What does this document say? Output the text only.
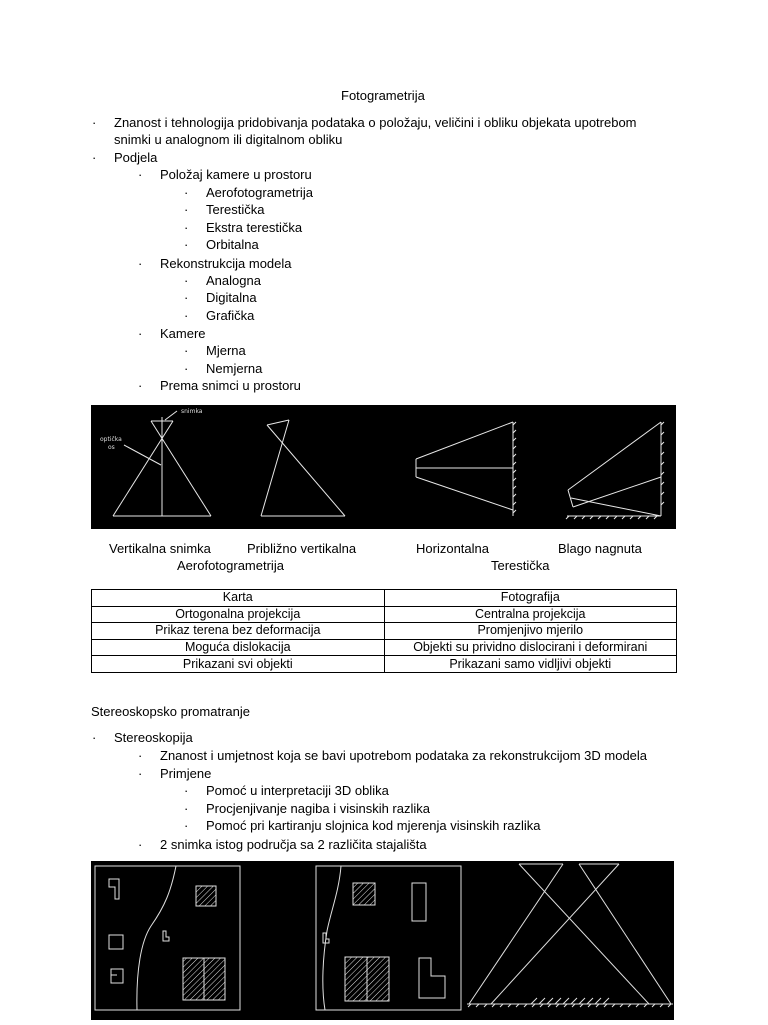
Fotogrametrija
· Znanost i tehnologija pridobivanja podataka o položaju, veličini i obliku objekata upotrebom
snimki u analognom ili digitalnom obliku
· Podjela
· Položaj kamere u prostoru
· Aerofotogrametrija
· Terestička
· Ekstra terestička
· Orbitalna
· Rekonstrukcija modela
· Analogna
· Digitalna
· Grafička
· Kamere
· Mjerna
· Nemjerna
· Prema snimci u prostoru
snimka
optička
os
Vertikalna snimka	Približno vertikalna	Horizontalna	Blago nagnuta
Aerofotogrametrija	Terestička
Karta	Fotografija
Ortogonalna projekcija	Centralna projekcija
Prikaz terena bez deformacija	Promjenjivo mjerilo
Moguća dislokacija	Objekti su prividno dislocirani i deformirani
Prikazani svi objekti	Prikazani samo vidljivi objekti
Stereoskopsko promatranje
· Stereoskopija
· Znanost i umjetnost koja se bavi upotrebom podataka za rekonstrukcijom 3D modela
· Primjene
· Pomoć u interpretaciji 3D oblika
· Procjenjivanje nagiba i visinskih razlika
· Pomoć pri kartiranju slojnica kod mjerenja visinskih razlika
· 2 snimka istog područja sa 2 različita stajališta
